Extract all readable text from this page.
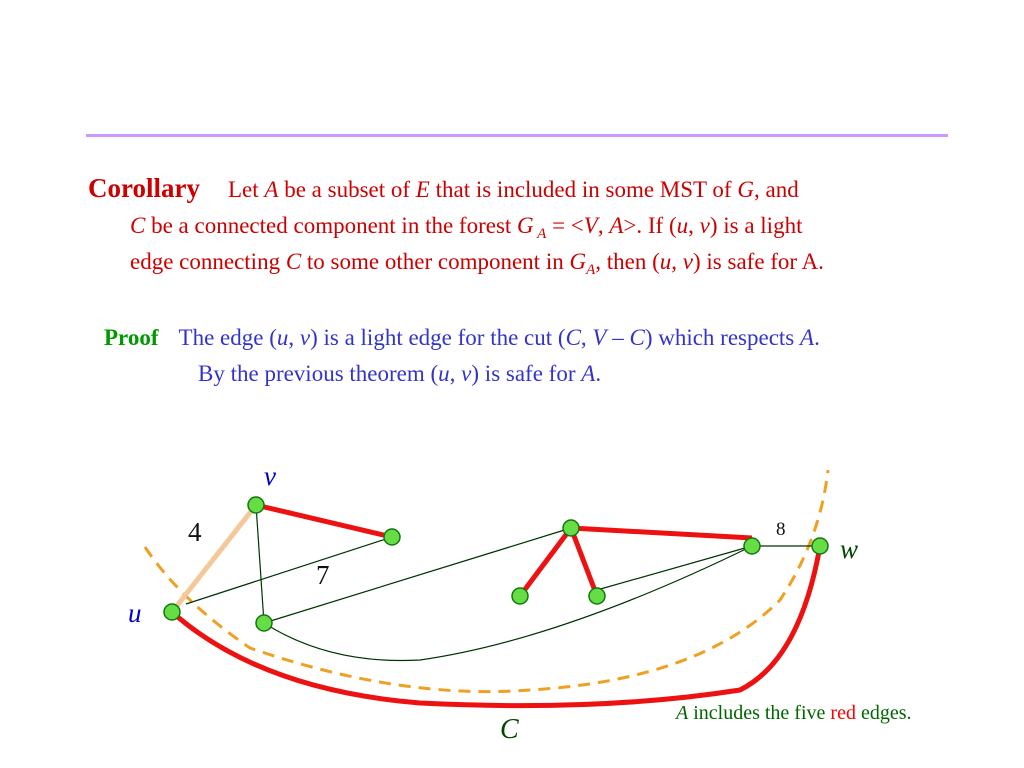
Corollary Let A be a subset of E that is included in some MST of G, and
C be a connected component in the forest G $_A$ = <V, A>. If (u, v) is a light
edge connecting C to some other component in $G_A$, then (u, v) is safe for A.
Proof The edge (u, v) is a light edge for the cut (C, V – C) which respects A.
By the previous theorem (u, v) is safe for A.
v
u
w
C
4
7
8
A includes the five red edges.
